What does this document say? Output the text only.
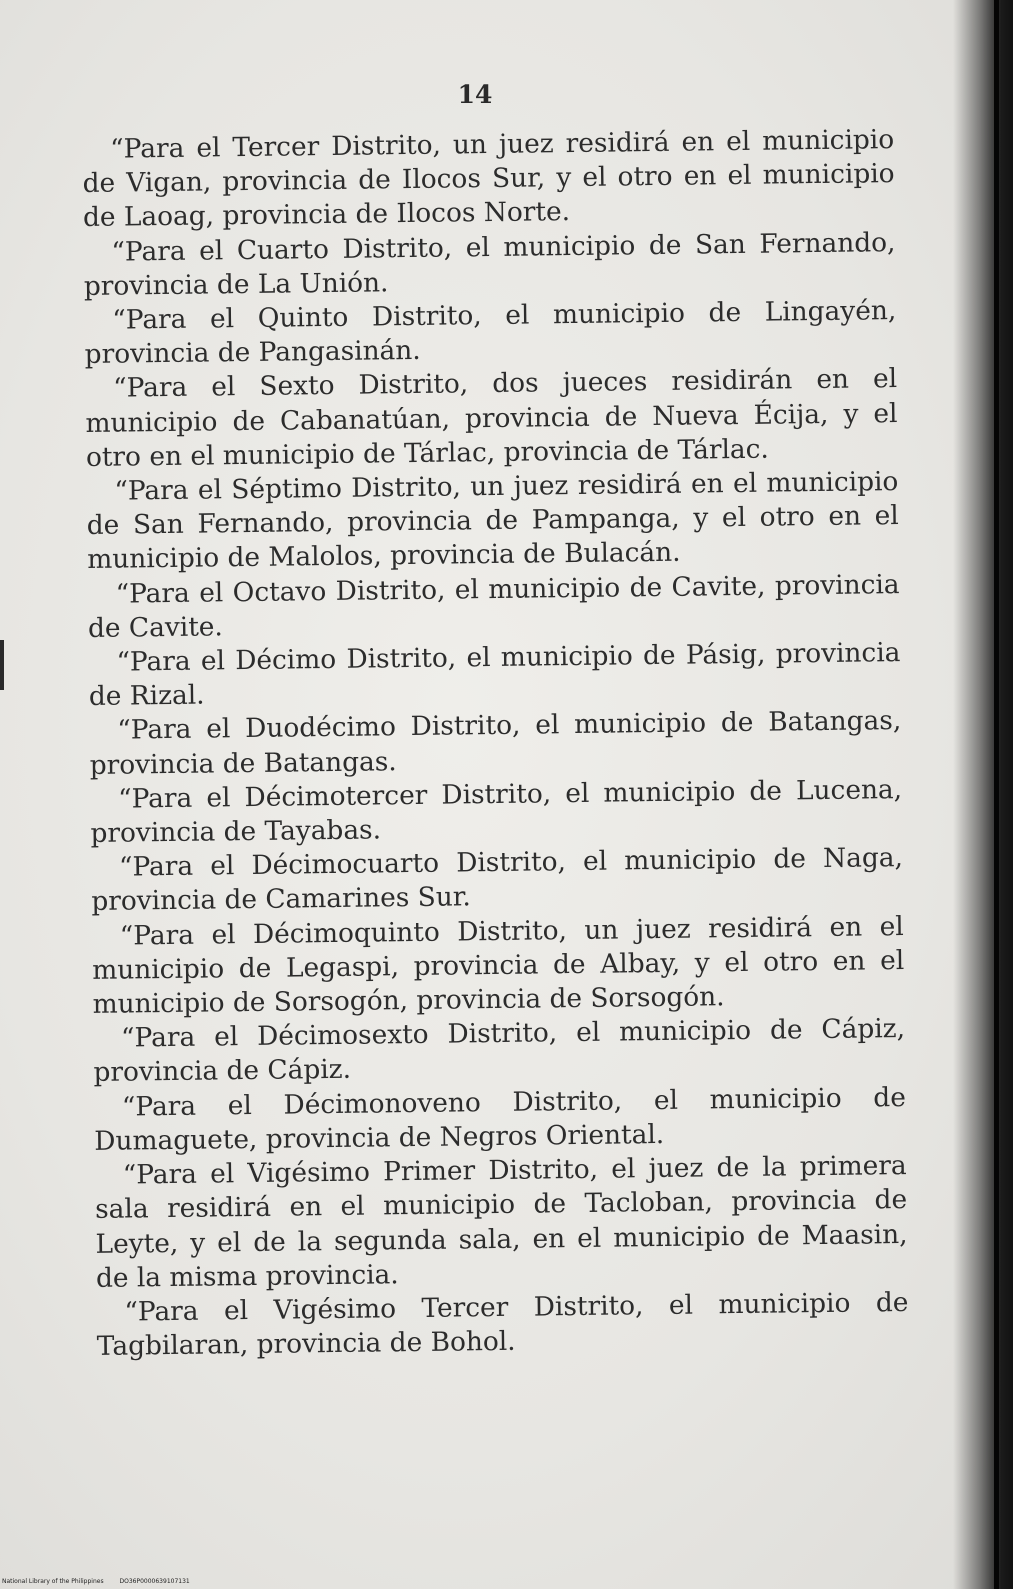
14

“Para el Tercer Distrito, un juez residirá en el municipio de Vigan, provincia de Ilocos Sur, y el otro en el municipio de Laoag, provincia de Ilocos Norte.

“Para el Cuarto Distrito, el municipio de San Fernando, provincia de La Unión.

“Para el Quinto Distrito, el municipio de Lingayén, provincia de Pangasinán.

“Para el Sexto Distrito, dos jueces residirán en el municipio de Cabanatúan, provincia de Nueva Écija, y el otro en el municipio de Tárlac, provincia de Tárlac.

“Para el Séptimo Distrito, un juez residirá en el municipio de San Fernando, provincia de Pampanga, y el otro en el municipio de Malolos, provincia de Bulacán.

“Para el Octavo Distrito, el municipio de Cavite, provincia de Cavite.

“Para el Décimo Distrito, el municipio de Pásig, provincia de Rizal.

“Para el Duodécimo Distrito, el municipio de Batangas, provincia de Batangas.

“Para el Décimotercer Distrito, el municipio de Lucena, provincia de Tayabas.

“Para el Décimocuarto Distrito, el municipio de Naga, provincia de Camarines Sur.

“Para el Décimoquinto Distrito, un juez residirá en el municipio de Legaspi, provincia de Albay, y el otro en el municipio de Sorsogón, provincia de Sorsogón.

“Para el Décimosexto Distrito, el municipio de Cápiz, provincia de Cápiz.

“Para el Décimonoveno Distrito, el municipio de Dumaguete, provincia de Negros Oriental.

“Para el Vigésimo Primer Distrito, el juez de la primera sala residirá en el municipio de Tacloban, provincia de Leyte, y el de la segunda sala, en el municipio de Maasin, de la misma provincia.

“Para el Vigésimo Tercer Distrito, el municipio de Tagbilaran, provincia de Bohol.

National Library of the Philippines	DO36P0000639107131
